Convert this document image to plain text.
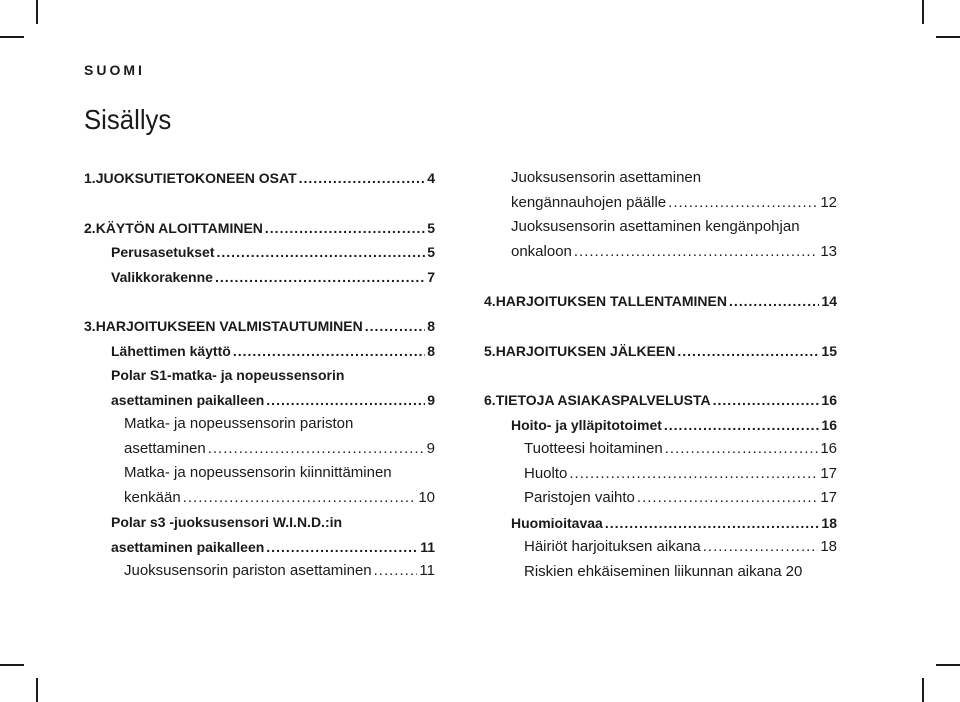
SUOMI
Sisällys
1. JUOKSUTIETOKONEEN OSAT .....	4
2. KÄYTÖN ALOITTAMINEN .....	5
Perusasetukset .....	5
Valikkorakenne .....	7
3. HARJOITUKSEEN VALMISTAUTUMINEN .....	8
Lähettimen käyttö .....	8
Polar S1-matka- ja nopeussensorin
asettaminen paikalleen .....	9
Matka- ja nopeussensorin pariston
asettaminen .....	9
Matka- ja nopeussensorin kiinnittäminen
kenkään .....	10
Polar s3 -juoksusensori W.I.N.D.:in
asettaminen paikalleen .....	11
Juoksusensorin pariston asettaminen .....	11
Juoksusensorin asettaminen
kengännauhojen päälle .....	12
Juoksusensorin asettaminen kengänpohjan
onkaloon .....	13
4. HARJOITUKSEN TALLENTAMINEN .....	14
5. HARJOITUKSEN JÄLKEEN .....	15
6. TIETOJA ASIAKASPALVELUSTA .....	16
Hoito- ja ylläpitotoimet .....	16
Tuotteesi hoitaminen .....	16
Huolto .....	17
Paristojen vaihto .....	17
Huomioitavaa .....	18
Häiriöt harjoituksen aikana .....	18
Riskien ehkäiseminen liikunnan aikana 20
